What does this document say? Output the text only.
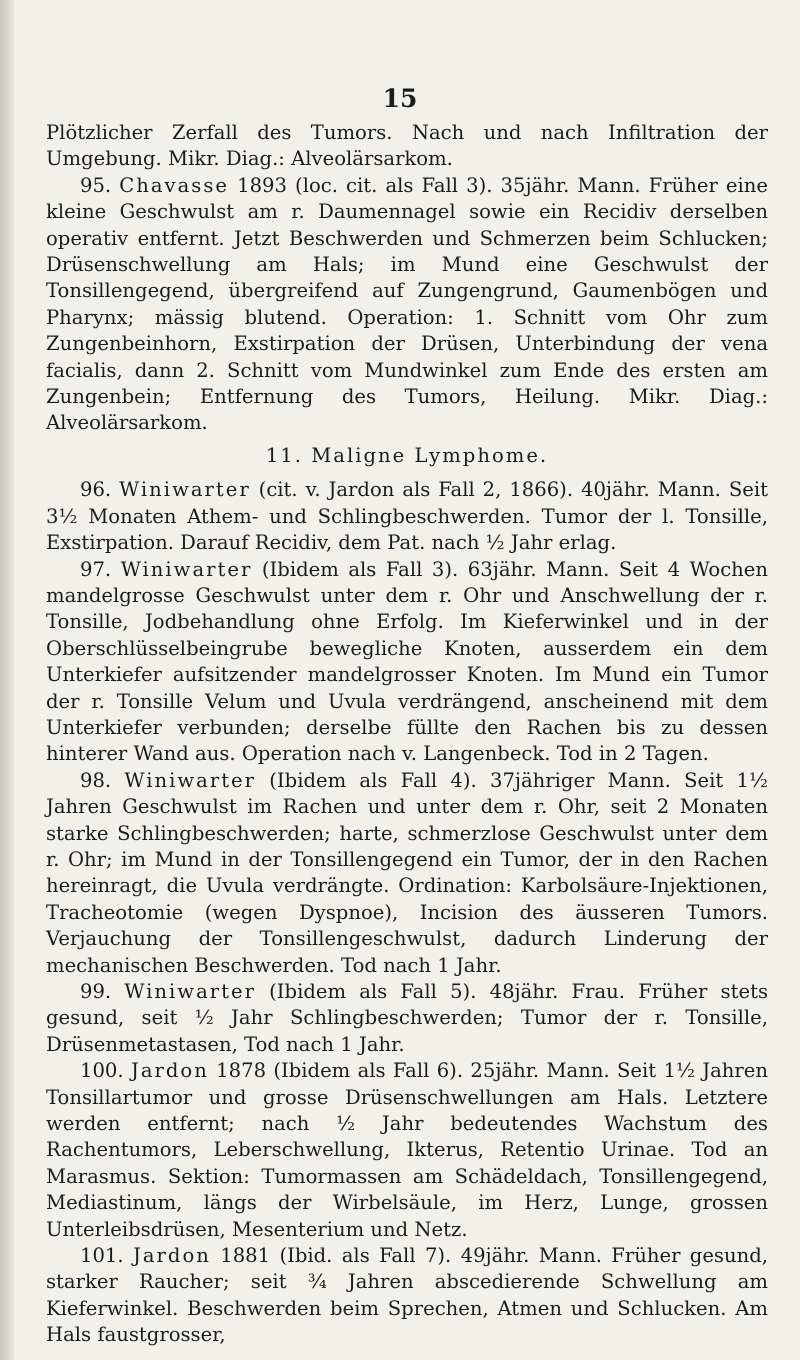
15

Plötzlicher Zerfall des Tumors. Nach und nach Infiltration der Umgebung. Mikr. Diag.: Alveolärsarkom.

95. Chavasse 1893 (loc. cit. als Fall 3). 35jähr. Mann. Früher eine kleine Geschwulst am r. Daumennagel sowie ein Recidiv derselben operativ entfernt. Jetzt Beschwerden und Schmerzen beim Schlucken; Drüsenschwellung am Hals; im Mund eine Geschwulst der Tonsillengegend, übergreifend auf Zungengrund, Gaumenbögen und Pharynx; mässig blutend. Operation: 1. Schnitt vom Ohr zum Zungenbeinhorn, Exstirpation der Drüsen, Unterbindung der vena facialis, dann 2. Schnitt vom Mundwinkel zum Ende des ersten am Zungenbein; Entfernung des Tumors, Heilung. Mikr. Diag.: Alveolärsarkom.

11. Maligne Lymphome.

96. Winiwarter (cit. v. Jardon als Fall 2, 1866). 40jähr. Mann. Seit 3½ Monaten Athem- und Schlingbeschwerden. Tumor der l. Tonsille, Exstirpation. Darauf Recidiv, dem Pat. nach ½ Jahr erlag.

97. Winiwarter (Ibidem als Fall 3). 63jähr. Mann. Seit 4 Wochen mandelgrosse Geschwulst unter dem r. Ohr und Anschwellung der r. Tonsille, Jodbehandlung ohne Erfolg. Im Kieferwinkel und in der Oberschlüsselbeingrube bewegliche Knoten, ausserdem ein dem Unterkiefer aufsitzender mandelgrosser Knoten. Im Mund ein Tumor der r. Tonsille Velum und Uvula verdrängend, anscheinend mit dem Unterkiefer verbunden; derselbe füllte den Rachen bis zu dessen hinterer Wand aus. Operation nach v. Langenbeck. Tod in 2 Tagen.

98. Winiwarter (Ibidem als Fall 4). 37jähriger Mann. Seit 1½ Jahren Geschwulst im Rachen und unter dem r. Ohr, seit 2 Monaten starke Schlingbeschwerden; harte, schmerzlose Geschwulst unter dem r. Ohr; im Mund in der Tonsillengegend ein Tumor, der in den Rachen hereinragt, die Uvula verdrängte. Ordination: Karbolsäure-Injektionen, Tracheotomie (wegen Dyspnoe), Incision des äusseren Tumors. Verjauchung der Tonsillengeschwulst, dadurch Linderung der mechanischen Beschwerden. Tod nach 1 Jahr.

99. Winiwarter (Ibidem als Fall 5). 48jähr. Frau. Früher stets gesund, seit ½ Jahr Schlingbeschwerden; Tumor der r. Tonsille, Drüsenmetastasen, Tod nach 1 Jahr.

100. Jardon 1878 (Ibidem als Fall 6). 25jähr. Mann. Seit 1½ Jahren Tonsillartumor und grosse Drüsenschwellungen am Hals. Letztere werden entfernt; nach ½ Jahr bedeutendes Wachstum des Rachentumors, Leberschwellung, Ikterus, Retentio Urinae. Tod an Marasmus. Sektion: Tumormassen am Schädeldach, Tonsillengegend, Mediastinum, längs der Wirbelsäule, im Herz, Lunge, grossen Unterleibsdrüsen, Mesenterium und Netz.

101. Jardon 1881 (Ibid. als Fall 7). 49jähr. Mann. Früher gesund, starker Raucher; seit ¾ Jahren abscedierende Schwellung am Kieferwinkel. Beschwerden beim Sprechen, Atmen und Schlucken. Am Hals faustgrosser,
